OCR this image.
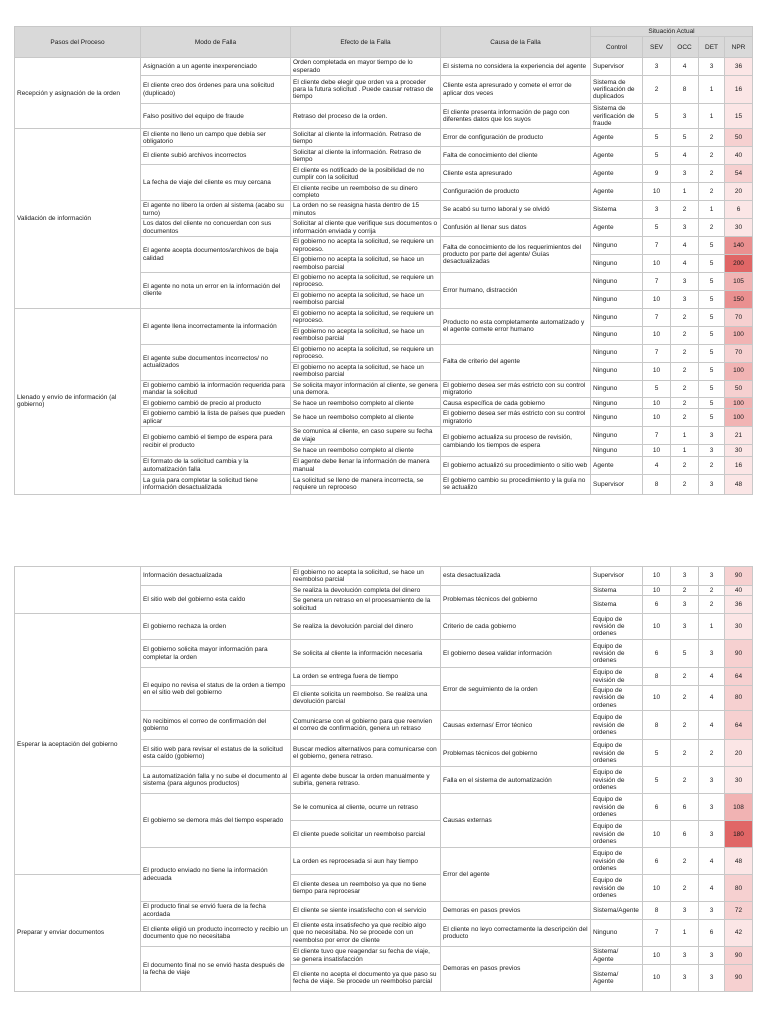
Pasos del Proceso	Modo de Falla	Efecto de la Falla	Causa de la Falla	Situación Actual				
				Control	SEV	OCC	DET	NPR
Recepción y asignación de la orden	Asignación a un agente inexperenciado	Orden completada en mayor tiempo de lo esperado	El sistema no considera la experiencia del agente	Supervisor	3	4	3	36
	El cliente creo dos órdenes para una solicitud (duplicado)	El cliente debe elegir que orden va a proceder para la futura solicitud . Puede causar retraso de tiempo	Cliente esta apresurado y comete el error de aplicar dos veces	Sistema de verificación de duplicados	2	8	1	16
	Falso positivo del equipo de fraude	Retraso del proceso de la orden.	El cliente presenta información de pago con diferentes datos que los suyos	Sistema de verificación de fraude	5	3	1	15
Validación de información	El cliente no lleno un campo que debía ser obligatorio	Solicitar al cliente la información. Retraso de tiempo	Error de configuración de producto	Agente	5	5	2	50
	El cliente subió archivos incorrectos	Solicitar al cliente la información. Retraso de tiempo	Falta de conocimiento del cliente	Agente	5	4	2	40
	La fecha de viaje del cliente es muy cercana	El cliente es notificado de la posibilidad de no cumplir con la solicitud	Cliente esta apresurado	Agente	9	3	2	54
		El cliente recibe un reembolso de su dinero completo	Configuración de producto	Agente	10	1	2	20
	El agente no libero la orden al sistema (acabo su turno)	La orden no se reasigna hasta dentro de 15 minutos	Se acabó su turno laboral y se olvidó	Sistema	3	2	1	6
	Los datos del cliente no concuerdan con sus documentos	Solicitar al cliente que verifique sus documentos o información enviada y corrija	Confusión al llenar sus datos	Agente	5	3	2	30
	El agente acepta documentos/archivos de baja calidad	El gobierno no acepta la solicitud, se requiere un reproceso.	Falta de conocimiento de los requerimientos del producto por parte del agente/ Guías desactualizadas	Ninguno	7	4	5	140
		El gobierno no acepta la solicitud, se hace un reembolso parcial		Ninguno	10	4	5	200
	El agente no nota un error en la información del cliente	El gobierno no acepta la solicitud, se requiere un reproceso.	Error humano, distracción	Ninguno	7	3	5	105
		El gobierno no acepta la solicitud, se hace un reembolso parcial		Ninguno	10	3	5	150
Llenado y envío de información (al gobierno)	El agente llena incorrectamente la información	El gobierno no acepta la solicitud, se requiere un reproceso.	Producto no esta completamente automatizado y el agente comete error humano	Ninguno	7	2	5	70
		El gobierno no acepta la solicitud, se hace un reembolso parcial		Ninguno	10	2	5	100
	El agente sube documentos incorrectos/ no actualizados	El gobierno no acepta la solicitud, se requiere un reproceso.	Falta de criterio del agente	Ninguno	7	2	5	70
		El gobierno no acepta la solicitud, se hace un reembolso parcial		Ninguno	10	2	5	100
	El gobierno cambió la información requerida para mandar la solicitud	Se solicita mayor información al cliente, se genera una demora.	El gobierno desea ser más estricto con su control migratorio	Ninguno	5	2	5	50
	El gobierno cambió de precio al producto	Se hace un reembolso completo al cliente	Causa específica de cada gobierno	Ninguno	10	2	5	100
	El gobierno cambió la lista de países que pueden aplicar	Se hace un reembolso completo al cliente	El gobierno desea ser más estricto con su control migratorio	Ninguno	10	2	5	100
	El gobierno cambió el tiempo de espera para recibir el producto	Se comunica al cliente, en caso supere su fecha de viaje	El gobierno actualiza su proceso de revisión, cambiando los tiempos de espera	Ninguno	7	1	3	21
		Se hace un reembolso completo al cliente		Ninguno	10	1	3	30
	El formato de la solicitud cambia y la automatización falla	El agente debe llenar la información de manera manual	El gobierno actualizó su procedimiento o sitio web	Agente	4	2	2	16
	La guía para completar la solicitud tiene información desactualizada	La solicitud se lleno de manera incorrecta, se requiere un reproceso	El gobierno cambio su procedimiento y la guía no se actualizo	Supervisor	8	2	3	48
	Información desactualizada	El gobierno no acepta la solicitud, se hace un reembolso parcial	esta desactualizada	Supervisor	10	3	3	90
	El sitio web del gobierno esta caído	Se realiza la devolución completa del dinero	Problemas técnicos del gobierno	Sistema	10	2	2	40
		Se genera un retraso en el procesamiento de la solicitud		Sistema	6	3	2	36
Esperar la aceptación del gobierno	El gobierno rechaza la orden	Se realiza la devolución parcial del dinero	Criterio de cada gobierno	Equipo de revisión de ordenes	10	3	1	30
	El gobierno solicita mayor información para completar la orden	Se solicita al cliente la información necesaria	El gobierno desea validar información	Equipo de revisión de ordenes	6	5	3	90
	El equipo no revisa el status de la orden a tiempo en el sitio web del gobierno	La orden se entrega fuera de tiempo	Error de seguimiento de la orden	Equipo de revisión de	8	2	4	64
		El cliente solicita un reembolso. Se realiza una devolución parcial		Equipo de revisión de ordenes	10	2	4	80
	No recibimos el correo de confirmación del gobierno	Comunicarse con el gobierno para que reenvíen el correo de confirmación, genera un retraso	Causas externas/ Error técnico	Equipo de revisión de ordenes	8	2	4	64
	El sitio web para revisar el estatus de la solicitud esta caído (gobierno)	Buscar medios alternativos para comunicarse con el gobierno, genera retraso.	Problemas técnicos del gobierno	Equipo de revisión de ordenes	5	2	2	20
	La automatización falla y no sube el documento al sistema (para algunos productos)	El agente debe buscar la orden manualmente y subirla, genera retraso.	Falla en el sistema de automatización	Equipo de revisión de ordenes	5	2	3	30
	El gobierno se demora más del tiempo esperado	Se le comunica al cliente, ocurre un retraso	Causas externas	Equipo de revisión de ordenes	6	6	3	108
		El cliente puede solicitar un reembolso parcial		Equipo de revisión de ordenes	10	6	3	180
	El producto enviado no tiene la información adecuada	La orden es reprocesada si aun hay tiempo	Error del agente	Equipo de revisión de ordenes	6	2	4	48
Preparar y enviar documentos		El cliente desea un reembolso ya que no tiene tiempo para reprocesar		Equipo de revisión de ordenes	10	2	4	80
	El producto final se envió fuera de la fecha acordada	El cliente se siente insatisfecho con el servicio	Demoras en pasos previos	Sistema/Agente	8	3	3	72
	El cliente eligió un producto incorrecto y recibio un documento que no necesitaba	El cliente esta insatisfecho ya que recibio algo que no necesitaba. No se procede con un reembolso por error de cliente	El cliente no leyo correctamente la descripción del producto	Ninguno	7	1	6	42
	El documento final no se envió hasta después de la fecha de viaje	El cliente tuvo que reagendar su fecha de viaje, se genera insatisfacción	Demoras en pasos previos	Sistema/ Agente	10	3	3	90
		El cliente no acepta el documento ya que paso su fecha de viaje. Se procede un reembolso parcial		Sistema/ Agente	10	3	3	90
